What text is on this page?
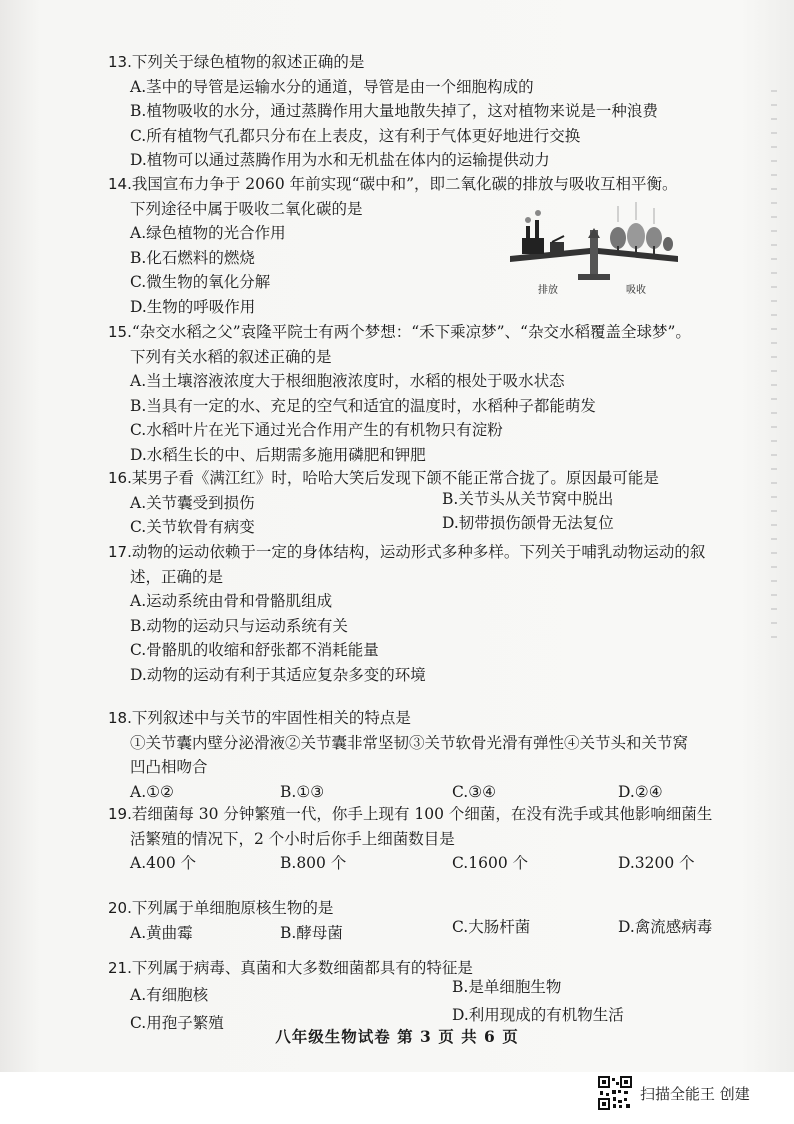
13.下列关于绿色植物的叙述正确的是
A.茎中的导管是运输水分的通道，导管是由一个细胞构成的
B.植物吸收的水分，通过蒸腾作用大量地散失掉了，这对植物来说是一种浪费
C.所有植物气孔都只分布在上表皮，这有利于气体更好地进行交换
D.植物可以通过蒸腾作用为水和无机盐在体内的运输提供动力
14.我国宣布力争于 2060 年前实现“碳中和”，即二氧化碳的排放与吸收互相平衡。
下列途径中属于吸收二氧化碳的是
A.绿色植物的光合作用
B.化石燃料的燃烧
C.微生物的氧化分解
D.生物的呼吸作用
15.“杂交水稻之父”袁隆平院士有两个梦想：“禾下乘凉梦”、“杂交水稻覆盖全球梦”。
下列有关水稻的叙述正确的是
A.当土壤溶液浓度大于根细胞液浓度时，水稻的根处于吸水状态
B.当具有一定的水、充足的空气和适宜的温度时，水稻种子都能萌发
C.水稻叶片在光下通过光合作用产生的有机物只有淀粉
D.水稻生长的中、后期需多施用磷肥和钾肥
16.某男子看《满江红》时，哈哈大笑后发现下颌不能正常合拢了。原因最可能是
A.关节囊受到损伤	B.关节头从关节窝中脱出
C.关节软骨有病变	D.韧带损伤颌骨无法复位
17.动物的运动依赖于一定的身体结构，运动形式多种多样。下列关于哺乳动物运动的叙
述，正确的是
A.运动系统由骨和骨骼肌组成
B.动物的运动只与运动系统有关
C.骨骼肌的收缩和舒张都不消耗能量
D.动物的运动有利于其适应复杂多变的环境
18.下列叙述中与关节的牢固性相关的特点是
①关节囊内壁分泌滑液②关节囊非常坚韧③关节软骨光滑有弹性④关节头和关节窝
凹凸相吻合
A.①②	B.①③	C.③④	D.②④
19.若细菌每 30 分钟繁殖一代，你手上现有 100 个细菌，在没有洗手或其他影响细菌生
活繁殖的情况下，2 个小时后你手上细菌数目是
A.400 个	B.800 个	C.1600 个	D.3200 个
20.下列属于单细胞原核生物的是
A.黄曲霉	B.酵母菌	C.大肠杆菌	D.禽流感病毒
21.下列属于病毒、真菌和大多数细菌都具有的特征是
A.有细胞核	B.是单细胞生物
C.用孢子繁殖	D.利用现成的有机物生活
排放	吸收
八年级生物试卷 第 3 页 共 6 页
扫描全能王 创建
